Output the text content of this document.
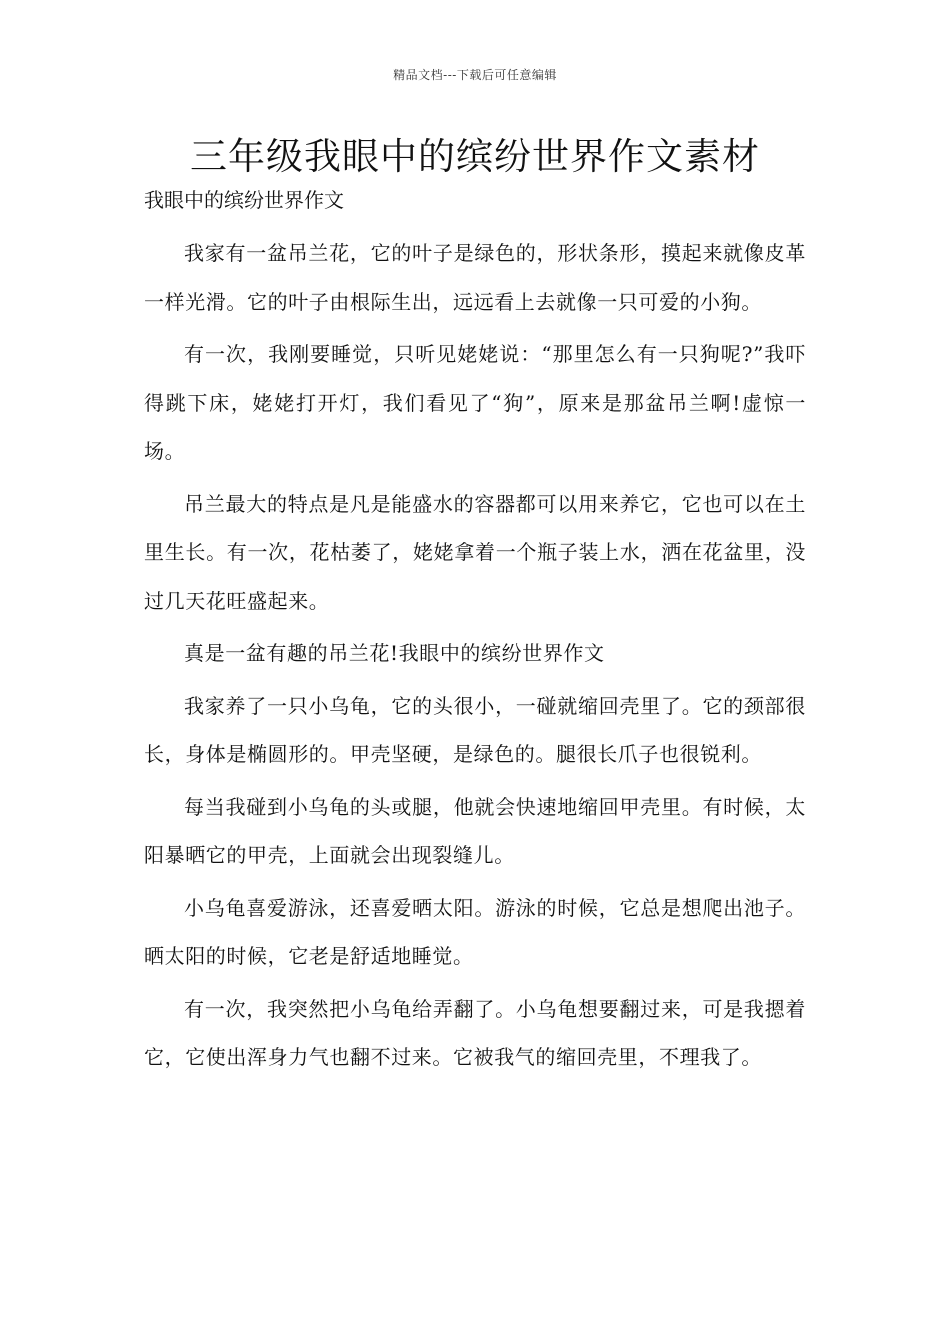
精品文档---下载后可任意编辑
三年级我眼中的缤纷世界作文素材
我眼中的缤纷世界作文

我家有一盆吊兰花，它的叶子是绿色的，形状条形，摸起来就像皮革一样光滑。它的叶子由根际生出，远远看上去就像一只可爱的小狗。

有一次，我刚要睡觉，只听见姥姥说：“那里怎么有一只狗呢?”我吓得跳下床，姥姥打开灯，我们看见了“狗”，原来是那盆吊兰啊!虚惊一场。

吊兰最大的特点是凡是能盛水的容器都可以用来养它，它也可以在土里生长。有一次，花枯萎了，姥姥拿着一个瓶子装上水，洒在花盆里，没过几天花旺盛起来。

真是一盆有趣的吊兰花!我眼中的缤纷世界作文

我家养了一只小乌龟，它的头很小，一碰就缩回壳里了。它的颈部很长，身体是椭圆形的。甲壳坚硬，是绿色的。腿很长爪子也很锐利。

每当我碰到小乌龟的头或腿，他就会快速地缩回甲壳里。有时候，太阳暴晒它的甲壳，上面就会出现裂缝儿。

小乌龟喜爱游泳，还喜爱晒太阳。游泳的时候，它总是想爬出池子。晒太阳的时候，它老是舒适地睡觉。

有一次，我突然把小乌龟给弄翻了。小乌龟想要翻过来，可是我摁着它，它使出浑身力气也翻不过来。它被我气的缩回壳里，不理我了。
